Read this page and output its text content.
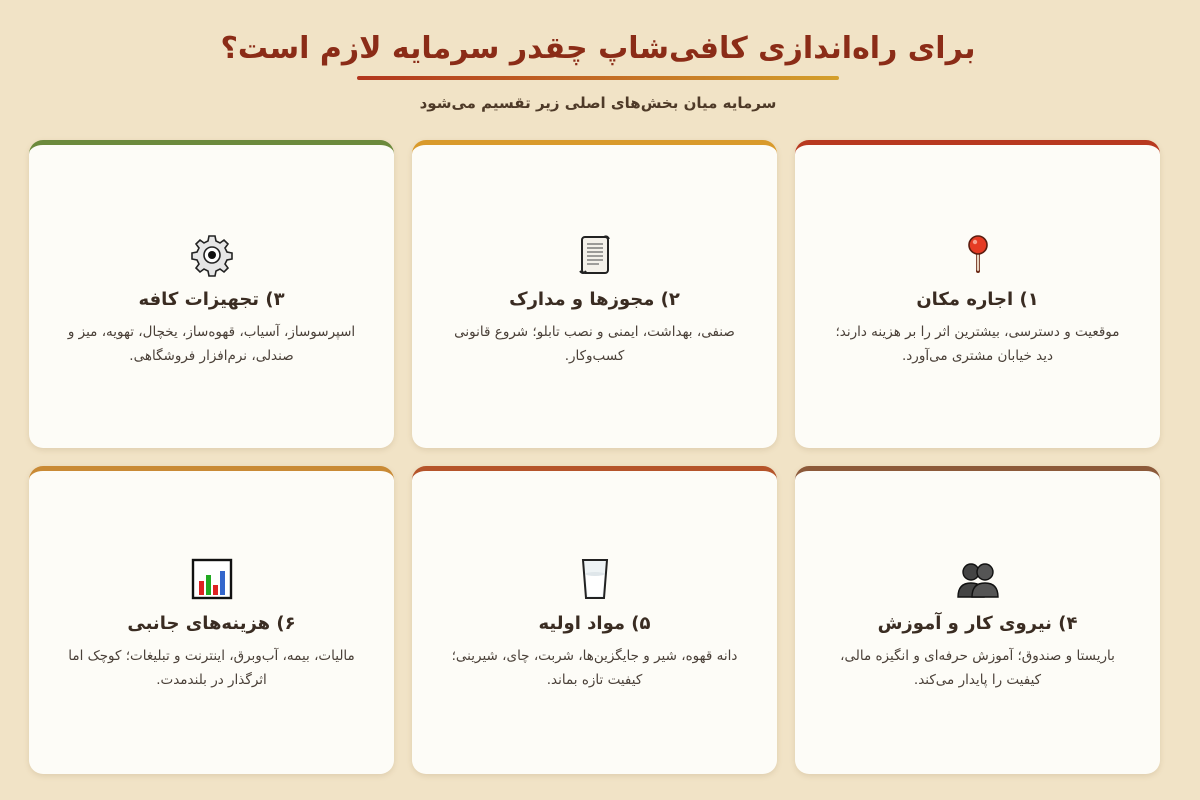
برای راه‌اندازی کافی‌شاپ چقدر سرمایه لازم است؟
سرمایه میان بخش‌های اصلی زیر تقسیم می‌شود
۱) اجاره مکان
موقعیت و دسترسی، بیشترین اثر را بر هزینه دارند؛ دید خیابان مشتری می‌آورد.
۲) مجوزها و مدارک
صنفی، بهداشت، ایمنی و نصب تابلو؛ شروع قانونی کسب‌وکار.
۳) تجهیزات کافه
اسپرسوساز، آسیاب، قهوه‌ساز، یخچال، تهویه، میز و صندلی، نرم‌افزار فروشگاهی.
۴) نیروی کار و آموزش
باریستا و صندوق؛ آموزش حرفه‌ای و انگیزه مالی، کیفیت را پایدار می‌کند.
۵) مواد اولیه
دانه قهوه، شیر و جایگزین‌ها، شربت، چای، شیرینی؛ کیفیت تازه بماند.
۶) هزینه‌های جانبی
مالیات، بیمه، آب‌وبرق، اینترنت و تبلیغات؛ کوچک اما اثرگذار در بلندمدت.
